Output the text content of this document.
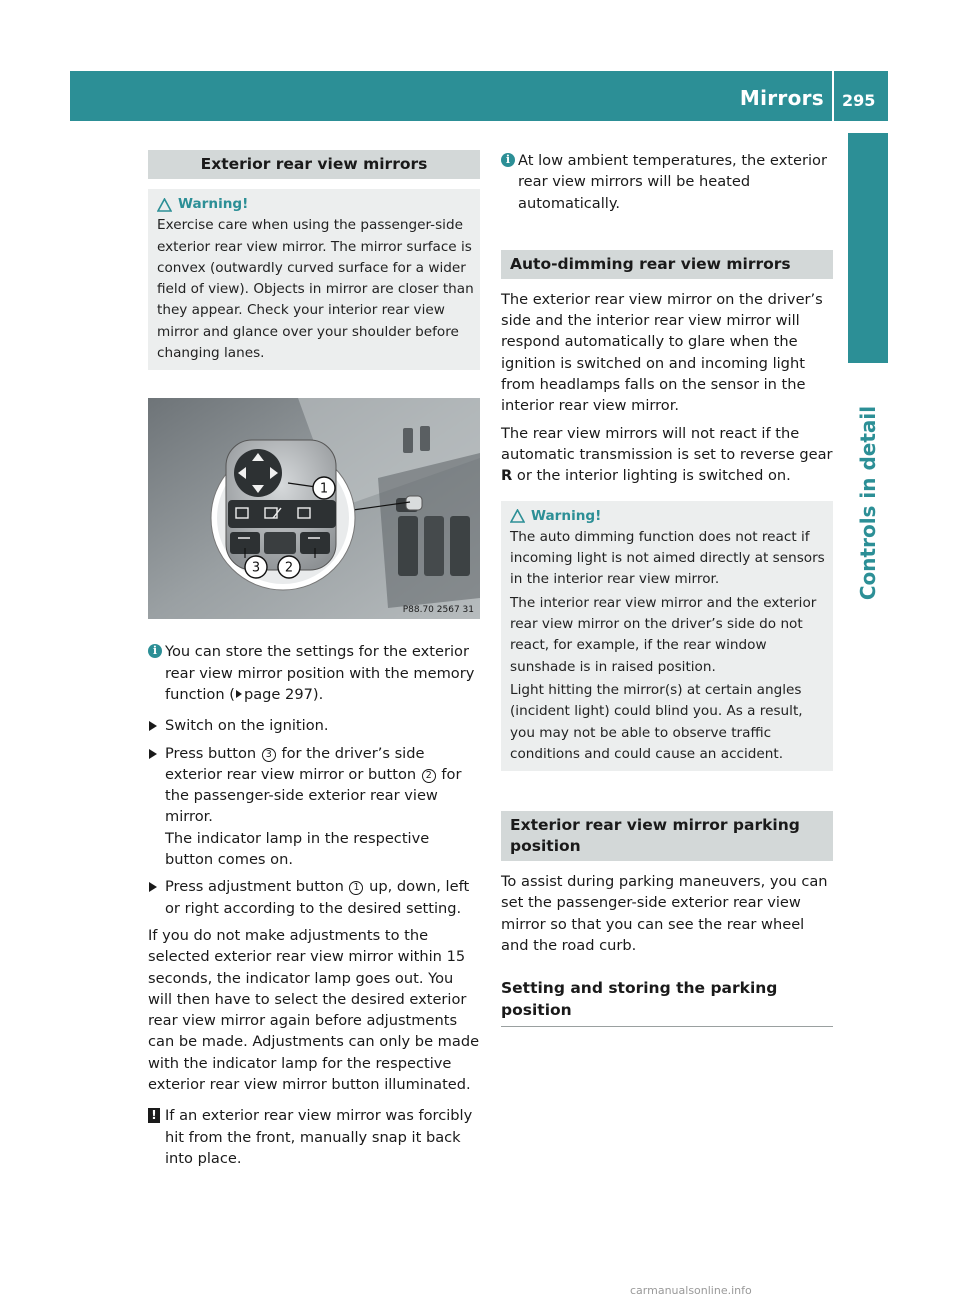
Mirrors 295
Controls in detail
Exterior rear view mirrors
Warning!

Exercise care when using the passenger-side exterior rear view mirror. The mirror surface is convex (outwardly curved surface for a wider field of view). Objects in mirror are closer than they appear. Check your interior rear view mirror and glance over your shoulder before changing lanes.

1
3 2
P88.70 2567 31
i You can store the settings for the exterior rear view mirror position with the memory function ( page 297).
Switch on the ignition.
Press button 3 for the driver’s side exterior rear view mirror or button 2 for the passenger-side exterior rear view mirror.
The indicator lamp in the respective button comes on.
Press adjustment button 1 up, down, left or right according to the desired setting.

If you do not make adjustments to the selected exterior rear view mirror within 15 seconds, the indicator lamp goes out. You will then have to select the desired exterior rear view mirror again before adjustments can be made. Adjustments can only be made with the indicator lamp for the respective exterior rear view mirror button illuminated.

! If an exterior rear view mirror was forcibly hit from the front, manually snap it back into place.
i At low ambient temperatures, the exterior rear view mirrors will be heated automatically.
Auto-dimming rear view mirrors

The exterior rear view mirror on the driver’s side and the interior rear view mirror will respond automatically to glare when the ignition is switched on and incoming light from headlamps falls on the sensor in the interior rear view mirror.

The rear view mirrors will not react if the automatic transmission is set to reverse gear R or the interior lighting is switched on.

Warning!

The auto dimming function does not react if incoming light is not aimed directly at sensors in the interior rear view mirror.

The interior rear view mirror and the exterior rear view mirror on the driver’s side do not react, for example, if the rear window sunshade is in raised position.

Light hitting the mirror(s) at certain angles (incident light) could blind you. As a result, you may not be able to observe traffic conditions and could cause an accident.

Exterior rear view mirror parking position

To assist during parking maneuvers, you can set the passenger-side exterior rear view mirror so that you can see the rear wheel and the road curb.

Setting and storing the parking position
carmanualsonline.info
